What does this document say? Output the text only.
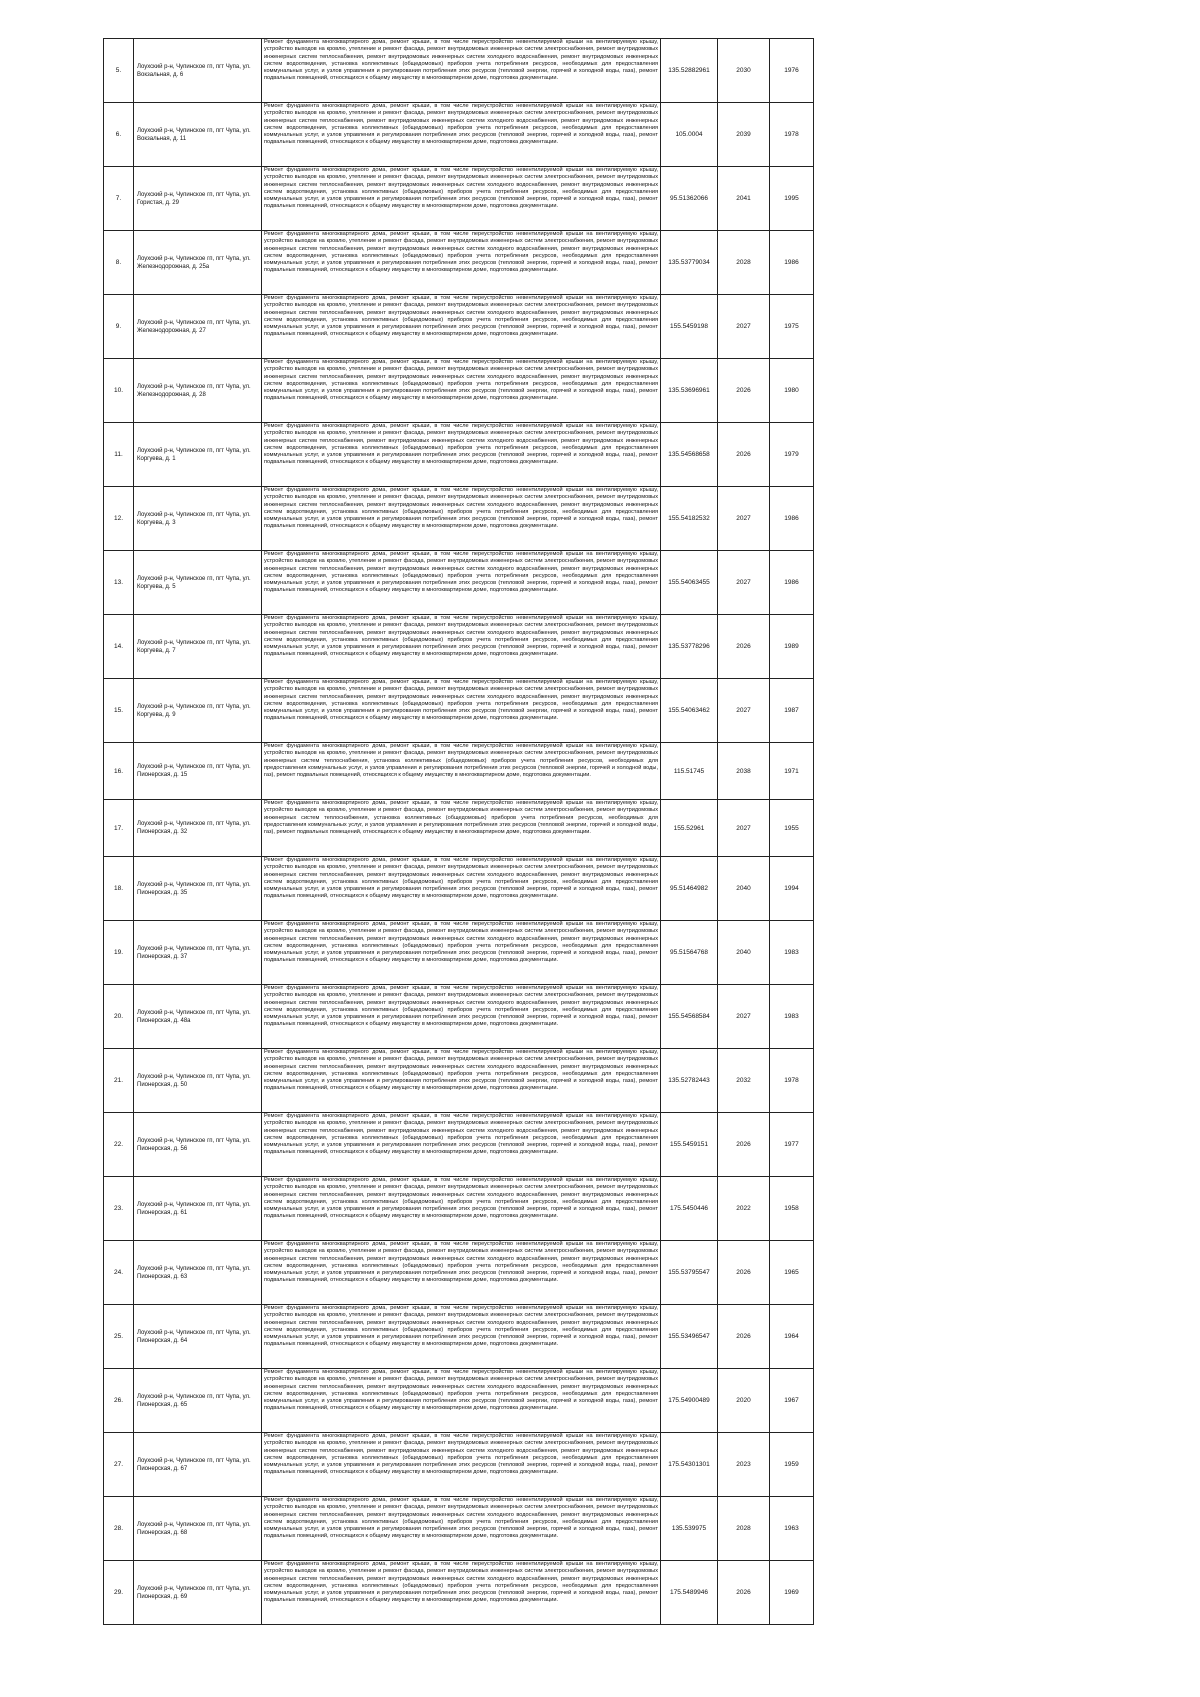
5.	Лоухский р-н, Чупинское гп, пгт Чупа, ул. Вокзальная, д. 6	Ремонт фундамента многоквартирного дома, ремонт крыши, в том числе переустройство невентилируемой крыши на вентилируемую крышу, устройство выходов на кровлю, утепление и ремонт фасада, ремонт внутридомовых инженерных систем электроснабжения, ремонт внутридомовых инженерных систем теплоснабжения, ремонт внутридомовых инженерных систем холодного водоснабжения, ремонт внутридомовых инженерных систем водоотведения, установка коллективных (общедомовых) приборов учета потребления ресурсов, необходимых для предоставления коммунальных услуг, и узлов управления и регулирования потребления этих ресурсов (тепловой энергии, горячей и холодной воды, газа), ремонт подвальных помещений, относящихся к общему имуществу в многоквартирном доме, подготовка документации.	135.52882961	2030	1976
6.	Лоухский р-н, Чупинское гп, пгт Чупа, ул. Вокзальная, д. 11	Ремонт фундамента многоквартирного дома, ремонт крыши, в том числе переустройство невентилируемой крыши на вентилируемую крышу, устройство выходов на кровлю, утепление и ремонт фасада, ремонт внутридомовых инженерных систем электроснабжения, ремонт внутридомовых инженерных систем теплоснабжения, ремонт внутридомовых инженерных систем холодного водоснабжения, ремонт внутридомовых инженерных систем водоотведения, установка коллективных (общедомовых) приборов учета потребления ресурсов, необходимых для предоставления коммунальных услуг, и узлов управления и регулирования потребления этих ресурсов (тепловой энергии, горячей и холодной воды, газа), ремонт подвальных помещений, относящихся к общему имуществу в многоквартирном доме, подготовка документации.	105.0004	2039	1978
7.	Лоухский р-н, Чупинское гп, пгт Чупа, ул. Гористая, д. 29	Ремонт фундамента многоквартирного дома, ремонт крыши, в том числе переустройство невентилируемой крыши на вентилируемую крышу, устройство выходов на кровлю, утепление и ремонт фасада, ремонт внутридомовых инженерных систем электроснабжения, ремонт внутридомовых инженерных систем теплоснабжения, ремонт внутридомовых инженерных систем холодного водоснабжения, ремонт внутридомовых инженерных систем водоотведения, установка коллективных (общедомовых) приборов учета потребления ресурсов, необходимых для предоставления коммунальных услуг, и узлов управления и регулирования потребления этих ресурсов (тепловой энергии, горячей и холодной воды, газа), ремонт подвальных помещений, относящихся к общему имуществу в многоквартирном доме, подготовка документации.	95.51362066	2041	1995
8.	Лоухский р-н, Чупинское гп, пгт Чупа, ул. Железнодорожная, д. 25а	Ремонт фундамента многоквартирного дома, ремонт крыши, в том числе переустройство невентилируемой крыши на вентилируемую крышу, устройство выходов на кровлю, утепление и ремонт фасада, ремонт внутридомовых инженерных систем электроснабжения, ремонт внутридомовых инженерных систем теплоснабжения, ремонт внутридомовых инженерных систем холодного водоснабжения, ремонт внутридомовых инженерных систем водоотведения, установка коллективных (общедомовых) приборов учета потребления ресурсов, необходимых для предоставления коммунальных услуг, и узлов управления и регулирования потребления этих ресурсов (тепловой энергии, горячей и холодной воды, газа), ремонт подвальных помещений, относящихся к общему имуществу в многоквартирном доме, подготовка документации.	135.53779034	2028	1986
9.	Лоухский р-н, Чупинское гп, пгт Чупа, ул. Железнодорожная, д. 27	Ремонт фундамента многоквартирного дома, ремонт крыши, в том числе переустройство невентилируемой крыши на вентилируемую крышу, устройство выходов на кровлю, утепление и ремонт фасада, ремонт внутридомовых инженерных систем электроснабжения, ремонт внутридомовых инженерных систем теплоснабжения, ремонт внутридомовых инженерных систем холодного водоснабжения, ремонт внутридомовых инженерных систем водоотведения, установка коллективных (общедомовых) приборов учета потребления ресурсов, необходимых для предоставления коммунальных услуг, и узлов управления и регулирования потребления этих ресурсов (тепловой энергии, горячей и холодной воды, газа), ремонт подвальных помещений, относящихся к общему имуществу в многоквартирном доме, подготовка документации.	155.5459198	2027	1975
10.	Лоухский р-н, Чупинское гп, пгт Чупа, ул. Железнодорожная, д. 28	Ремонт фундамента многоквартирного дома, ремонт крыши, в том числе переустройство невентилируемой крыши на вентилируемую крышу, устройство выходов на кровлю, утепление и ремонт фасада, ремонт внутридомовых инженерных систем электроснабжения, ремонт внутридомовых инженерных систем теплоснабжения, ремонт внутридомовых инженерных систем холодного водоснабжения, ремонт внутридомовых инженерных систем водоотведения, установка коллективных (общедомовых) приборов учета потребления ресурсов, необходимых для предоставления коммунальных услуг, и узлов управления и регулирования потребления этих ресурсов (тепловой энергии, горячей и холодной воды, газа), ремонт подвальных помещений, относящихся к общему имуществу в многоквартирном доме, подготовка документации.	135.53696961	2026	1980
11.	Лоухский р-н, Чупинское гп, пгт Чупа, ул. Коргуева, д. 1	Ремонт фундамента многоквартирного дома, ремонт крыши, в том числе переустройство невентилируемой крыши на вентилируемую крышу, устройство выходов на кровлю, утепление и ремонт фасада, ремонт внутридомовых инженерных систем электроснабжения, ремонт внутридомовых инженерных систем теплоснабжения, ремонт внутридомовых инженерных систем холодного водоснабжения, ремонт внутридомовых инженерных систем водоотведения, установка коллективных (общедомовых) приборов учета потребления ресурсов, необходимых для предоставления коммунальных услуг, и узлов управления и регулирования потребления этих ресурсов (тепловой энергии, горячей и холодной воды, газа), ремонт подвальных помещений, относящихся к общему имуществу в многоквартирном доме, подготовка документации.	135.54568658	2026	1979
12.	Лоухский р-н, Чупинское гп, пгт Чупа, ул. Коргуева, д. 3	Ремонт фундамента многоквартирного дома, ремонт крыши, в том числе переустройство невентилируемой крыши на вентилируемую крышу, устройство выходов на кровлю, утепление и ремонт фасада, ремонт внутридомовых инженерных систем электроснабжения, ремонт внутридомовых инженерных систем теплоснабжения, ремонт внутридомовых инженерных систем холодного водоснабжения, ремонт внутридомовых инженерных систем водоотведения, установка коллективных (общедомовых) приборов учета потребления ресурсов, необходимых для предоставления коммунальных услуг, и узлов управления и регулирования потребления этих ресурсов (тепловой энергии, горячей и холодной воды, газа), ремонт подвальных помещений, относящихся к общему имуществу в многоквартирном доме, подготовка документации.	155.54182532	2027	1986
13.	Лоухский р-н, Чупинское гп, пгт Чупа, ул. Коргуева, д. 5	Ремонт фундамента многоквартирного дома, ремонт крыши, в том числе переустройство невентилируемой крыши на вентилируемую крышу, устройство выходов на кровлю, утепление и ремонт фасада, ремонт внутридомовых инженерных систем электроснабжения, ремонт внутридомовых инженерных систем теплоснабжения, ремонт внутридомовых инженерных систем холодного водоснабжения, ремонт внутридомовых инженерных систем водоотведения, установка коллективных (общедомовых) приборов учета потребления ресурсов, необходимых для предоставления коммунальных услуг, и узлов управления и регулирования потребления этих ресурсов (тепловой энергии, горячей и холодной воды, газа), ремонт подвальных помещений, относящихся к общему имуществу в многоквартирном доме, подготовка документации.	155.54063455	2027	1986
14.	Лоухский р-н, Чупинское гп, пгт Чупа, ул. Коргуева, д. 7	Ремонт фундамента многоквартирного дома, ремонт крыши, в том числе переустройство невентилируемой крыши на вентилируемую крышу, устройство выходов на кровлю, утепление и ремонт фасада, ремонт внутридомовых инженерных систем электроснабжения, ремонт внутридомовых инженерных систем теплоснабжения, ремонт внутридомовых инженерных систем холодного водоснабжения, ремонт внутридомовых инженерных систем водоотведения, установка коллективных (общедомовых) приборов учета потребления ресурсов, необходимых для предоставления коммунальных услуг, и узлов управления и регулирования потребления этих ресурсов (тепловой энергии, горячей и холодной воды, газа), ремонт подвальных помещений, относящихся к общему имуществу в многоквартирном доме, подготовка документации.	135.53778296	2026	1989
15.	Лоухский р-н, Чупинское гп, пгт Чупа, ул. Коргуева, д. 9	Ремонт фундамента многоквартирного дома, ремонт крыши, в том числе переустройство невентилируемой крыши на вентилируемую крышу, устройство выходов на кровлю, утепление и ремонт фасада, ремонт внутридомовых инженерных систем электроснабжения, ремонт внутридомовых инженерных систем теплоснабжения, ремонт внутридомовых инженерных систем холодного водоснабжения, ремонт внутридомовых инженерных систем водоотведения, установка коллективных (общедомовых) приборов учета потребления ресурсов, необходимых для предоставления коммунальных услуг, и узлов управления и регулирования потребления этих ресурсов (тепловой энергии, горячей и холодной воды, газа), ремонт подвальных помещений, относящихся к общему имуществу в многоквартирном доме, подготовка документации.	155.54063462	2027	1987
16.	Лоухский р-н, Чупинское гп, пгт Чупа, ул. Пионерская, д. 15	Ремонт фундамента многоквартирного дома, ремонт крыши, в том числе переустройство невентилируемой крыши на вентилируемую крышу, устройство выходов на кровлю, утепление и ремонт фасада, ремонт внутридомовых инженерных систем электроснабжения, ремонт внутридомовых инженерных систем теплоснабжения, установка коллективных (общедомовых) приборов учета потребления ресурсов, необходимых для предоставления коммунальных услуг, и узлов управления и регулирования потребления этих ресурсов (тепловой энергии, горячей и холодной воды, газ), ремонт подвальных помещений, относящихся к общему имуществу в многоквартирном доме, подготовка документации.	115.51745	2038	1971
17.	Лоухский р-н, Чупинское гп, пгт Чупа, ул. Пионерская, д. 32	Ремонт фундамента многоквартирного дома, ремонт крыши, в том числе переустройство невентилируемой крыши на вентилируемую крышу, устройство выходов на кровлю, утепление и ремонт фасада, ремонт внутридомовых инженерных систем электроснабжения, ремонт внутридомовых инженерных систем теплоснабжения, установка коллективных (общедомовых) приборов учета потребления ресурсов, необходимых для предоставления коммунальных услуг, и узлов управления и регулирования потребления этих ресурсов (тепловой энергии, горячей и холодной воды, газ), ремонт подвальных помещений, относящихся к общему имуществу в многоквартирном доме, подготовка документации.	155.52961	2027	1955
18.	Лоухский р-н, Чупинское гп, пгт Чупа, ул. Пионерская, д. 35	Ремонт фундамента многоквартирного дома, ремонт крыши, в том числе переустройство невентилируемой крыши на вентилируемую крышу, устройство выходов на кровлю, утепление и ремонт фасада, ремонт внутридомовых инженерных систем электроснабжения, ремонт внутридомовых инженерных систем теплоснабжения, ремонт внутридомовых инженерных систем холодного водоснабжения, ремонт внутридомовых инженерных систем водоотведения, установка коллективных (общедомовых) приборов учета потребления ресурсов, необходимых для предоставления коммунальных услуг, и узлов управления и регулирования потребления этих ресурсов (тепловой энергии, горячей и холодной воды, газа), ремонт подвальных помещений, относящихся к общему имуществу в многоквартирном доме, подготовка документации.	95.51464982	2040	1994
19.	Лоухский р-н, Чупинское гп, пгт Чупа, ул. Пионерская, д. 37	Ремонт фундамента многоквартирного дома, ремонт крыши, в том числе переустройство невентилируемой крыши на вентилируемую крышу, устройство выходов на кровлю, утепление и ремонт фасада, ремонт внутридомовых инженерных систем электроснабжения, ремонт внутридомовых инженерных систем теплоснабжения, ремонт внутридомовых инженерных систем холодного водоснабжения, ремонт внутридомовых инженерных систем водоотведения, установка коллективных (общедомовых) приборов учета потребления ресурсов, необходимых для предоставления коммунальных услуг, и узлов управления и регулирования потребления этих ресурсов (тепловой энергии, горячей и холодной воды, газа), ремонт подвальных помещений, относящихся к общему имуществу в многоквартирном доме, подготовка документации.	95.51564768	2040	1983
20.	Лоухский р-н, Чупинское гп, пгт Чупа, ул. Пионерская, д. 48а	Ремонт фундамента многоквартирного дома, ремонт крыши, в том числе переустройство невентилируемой крыши на вентилируемую крышу, устройство выходов на кровлю, утепление и ремонт фасада, ремонт внутридомовых инженерных систем электроснабжения, ремонт внутридомовых инженерных систем теплоснабжения, ремонт внутридомовых инженерных систем холодного водоснабжения, ремонт внутридомовых инженерных систем водоотведения, установка коллективных (общедомовых) приборов учета потребления ресурсов, необходимых для предоставления коммунальных услуг, и узлов управления и регулирования потребления этих ресурсов (тепловой энергии, горячей и холодной воды, газа), ремонт подвальных помещений, относящихся к общему имуществу в многоквартирном доме, подготовка документации.	155.54568584	2027	1983
21.	Лоухский р-н, Чупинское гп, пгт Чупа, ул. Пионерская, д. 50	Ремонт фундамента многоквартирного дома, ремонт крыши, в том числе переустройство невентилируемой крыши на вентилируемую крышу, устройство выходов на кровлю, утепление и ремонт фасада, ремонт внутридомовых инженерных систем электроснабжения, ремонт внутридомовых инженерных систем теплоснабжения, ремонт внутридомовых инженерных систем холодного водоснабжения, ремонт внутридомовых инженерных систем водоотведения, установка коллективных (общедомовых) приборов учета потребления ресурсов, необходимых для предоставления коммунальных услуг, и узлов управления и регулирования потребления этих ресурсов (тепловой энергии, горячей и холодной воды, газа), ремонт подвальных помещений, относящихся к общему имуществу в многоквартирном доме, подготовка документации.	135.52782443	2032	1978
22.	Лоухский р-н, Чупинское гп, пгт Чупа, ул. Пионерская, д. 56	Ремонт фундамента многоквартирного дома, ремонт крыши, в том числе переустройство невентилируемой крыши на вентилируемую крышу, устройство выходов на кровлю, утепление и ремонт фасада, ремонт внутридомовых инженерных систем электроснабжения, ремонт внутридомовых инженерных систем теплоснабжения, ремонт внутридомовых инженерных систем холодного водоснабжения, ремонт внутридомовых инженерных систем водоотведения, установка коллективных (общедомовых) приборов учета потребления ресурсов, необходимых для предоставления коммунальных услуг, и узлов управления и регулирования потребления этих ресурсов (тепловой энергии, горячей и холодной воды, газа), ремонт подвальных помещений, относящихся к общему имуществу в многоквартирном доме, подготовка документации.	155.5459151	2026	1977
23.	Лоухский р-н, Чупинское гп, пгт Чупа, ул. Пионерская, д. 61	Ремонт фундамента многоквартирного дома, ремонт крыши, в том числе переустройство невентилируемой крыши на вентилируемую крышу, устройство выходов на кровлю, утепление и ремонт фасада, ремонт внутридомовых инженерных систем электроснабжения, ремонт внутридомовых инженерных систем теплоснабжения, ремонт внутридомовых инженерных систем холодного водоснабжения, ремонт внутридомовых инженерных систем водоотведения, установка коллективных (общедомовых) приборов учета потребления ресурсов, необходимых для предоставления коммунальных услуг, и узлов управления и регулирования потребления этих ресурсов (тепловой энергии, горячей и холодной воды, газа), ремонт подвальных помещений, относящихся к общему имуществу в многоквартирном доме, подготовка документации.	175.5450446	2022	1958
24.	Лоухский р-н, Чупинское гп, пгт Чупа, ул. Пионерская, д. 63	Ремонт фундамента многоквартирного дома, ремонт крыши, в том числе переустройство невентилируемой крыши на вентилируемую крышу, устройство выходов на кровлю, утепление и ремонт фасада, ремонт внутридомовых инженерных систем электроснабжения, ремонт внутридомовых инженерных систем теплоснабжения, ремонт внутридомовых инженерных систем холодного водоснабжения, ремонт внутридомовых инженерных систем водоотведения, установка коллективных (общедомовых) приборов учета потребления ресурсов, необходимых для предоставления коммунальных услуг, и узлов управления и регулирования потребления этих ресурсов (тепловой энергии, горячей и холодной воды, газа), ремонт подвальных помещений, относящихся к общему имуществу в многоквартирном доме, подготовка документации.	155.53795547	2026	1965
25.	Лоухский р-н, Чупинское гп, пгт Чупа, ул. Пионерская, д. 64	Ремонт фундамента многоквартирного дома, ремонт крыши, в том числе переустройство невентилируемой крыши на вентилируемую крышу, устройство выходов на кровлю, утепление и ремонт фасада, ремонт внутридомовых инженерных систем электроснабжения, ремонт внутридомовых инженерных систем теплоснабжения, ремонт внутридомовых инженерных систем холодного водоснабжения, ремонт внутридомовых инженерных систем водоотведения, установка коллективных (общедомовых) приборов учета потребления ресурсов, необходимых для предоставления коммунальных услуг, и узлов управления и регулирования потребления этих ресурсов (тепловой энергии, горячей и холодной воды, газа), ремонт подвальных помещений, относящихся к общему имуществу в многоквартирном доме, подготовка документации.	155.53496547	2026	1964
26.	Лоухский р-н, Чупинское гп, пгт Чупа, ул. Пионерская, д. 65	Ремонт фундамента многоквартирного дома, ремонт крыши, в том числе переустройство невентилируемой крыши на вентилируемую крышу, устройство выходов на кровлю, утепление и ремонт фасада, ремонт внутридомовых инженерных систем электроснабжения, ремонт внутридомовых инженерных систем теплоснабжения, ремонт внутридомовых инженерных систем холодного водоснабжения, ремонт внутридомовых инженерных систем водоотведения, установка коллективных (общедомовых) приборов учета потребления ресурсов, необходимых для предоставления коммунальных услуг, и узлов управления и регулирования потребления этих ресурсов (тепловой энергии, горячей и холодной воды, газа), ремонт подвальных помещений, относящихся к общему имуществу в многоквартирном доме, подготовка документации.	175.54900489	2020	1967
27.	Лоухский р-н, Чупинское гп, пгт Чупа, ул. Пионерская, д. 67	Ремонт фундамента многоквартирного дома, ремонт крыши, в том числе переустройство невентилируемой крыши на вентилируемую крышу, устройство выходов на кровлю, утепление и ремонт фасада, ремонт внутридомовых инженерных систем электроснабжения, ремонт внутридомовых инженерных систем теплоснабжения, ремонт внутридомовых инженерных систем холодного водоснабжения, ремонт внутридомовых инженерных систем водоотведения, установка коллективных (общедомовых) приборов учета потребления ресурсов, необходимых для предоставления коммунальных услуг, и узлов управления и регулирования потребления этих ресурсов (тепловой энергии, горячей и холодной воды, газа), ремонт подвальных помещений, относящихся к общему имуществу в многоквартирном доме, подготовка документации.	175.54301301	2023	1959
28.	Лоухский р-н, Чупинское гп, пгт Чупа, ул. Пионерская, д. 68	Ремонт фундамента многоквартирного дома, ремонт крыши, в том числе переустройство невентилируемой крыши на вентилируемую крышу, устройство выходов на кровлю, утепление и ремонт фасада, ремонт внутридомовых инженерных систем электроснабжения, ремонт внутридомовых инженерных систем теплоснабжения, ремонт внутридомовых инженерных систем холодного водоснабжения, ремонт внутридомовых инженерных систем водоотведения, установка коллективных (общедомовых) приборов учета потребления ресурсов, необходимых для предоставления коммунальных услуг, и узлов управления и регулирования потребления этих ресурсов (тепловой энергии, горячей и холодной воды, газа), ремонт подвальных помещений, относящихся к общему имуществу в многоквартирном доме, подготовка документации.	135.539975	2028	1963
29.	Лоухский р-н, Чупинское гп, пгт Чупа, ул. Пионерская, д. 69	Ремонт фундамента многоквартирного дома, ремонт крыши, в том числе переустройство невентилируемой крыши на вентилируемую крышу, устройство выходов на кровлю, утепление и ремонт фасада, ремонт внутридомовых инженерных систем электроснабжения, ремонт внутридомовых инженерных систем теплоснабжения, ремонт внутридомовых инженерных систем холодного водоснабжения, ремонт внутридомовых инженерных систем водоотведения, установка коллективных (общедомовых) приборов учета потребления ресурсов, необходимых для предоставления коммунальных услуг, и узлов управления и регулирования потребления этих ресурсов (тепловой энергии, горячей и холодной воды, газа), ремонт подвальных помещений, относящихся к общему имуществу в многоквартирном доме, подготовка документации.	175.5489946	2026	1969
